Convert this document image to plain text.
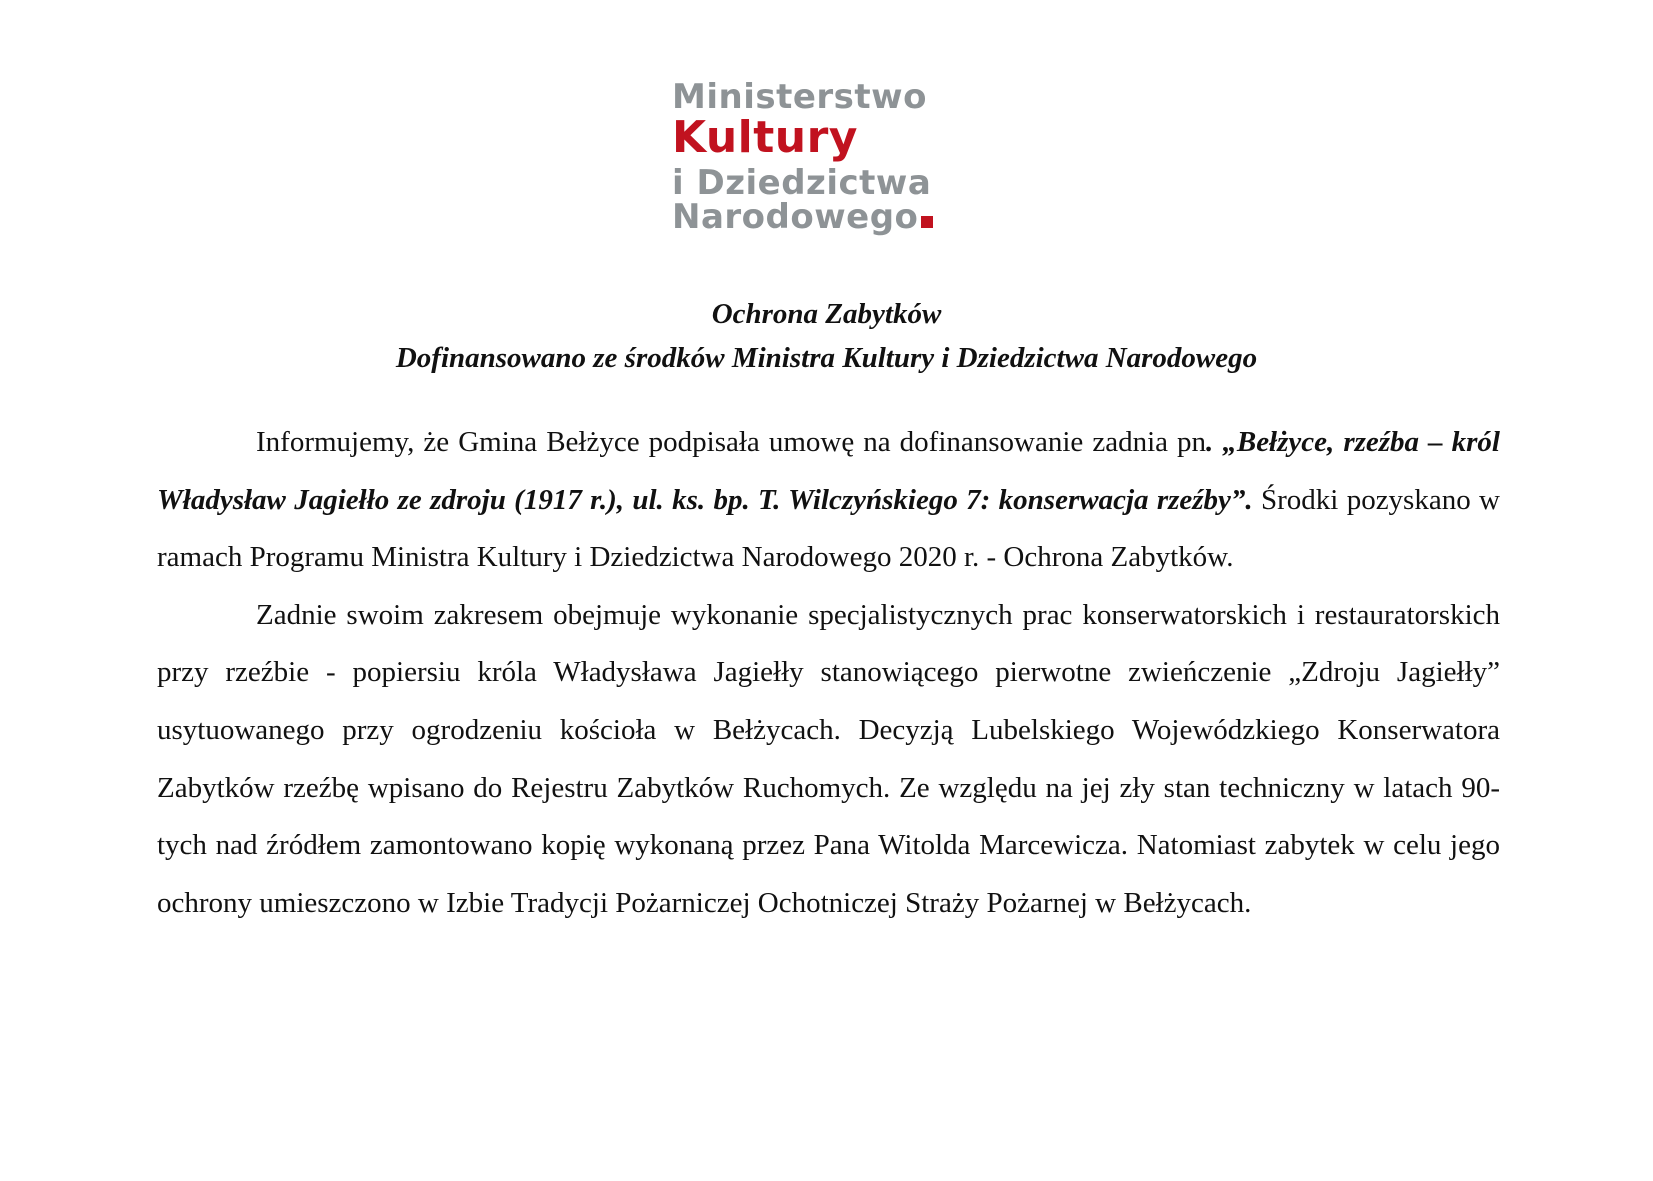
Ministerstwo
Kultury
i Dziedzictwa
Narodowego
Ochrona Zabytków
Dofinansowano ze środków Ministra Kultury i Dziedzictwa Narodowego

Informujemy, że Gmina Bełżyce podpisała umowę na dofinansowanie zadnia pn. „Bełżyce, rzeźba – król Władysław Jagiełło ze zdroju (1917 r.), ul. ks. bp. T. Wilczyńskiego 7: konserwacja rzeźby”. Środki pozyskano w ramach Programu Ministra Kultury i Dziedzictwa Narodowego 2020 r. - Ochrona Zabytków.

Zadnie swoim zakresem obejmuje wykonanie specjalistycznych prac konserwatorskich i restauratorskich przy rzeźbie - popiersiu króla Władysława Jagiełły stanowiącego pierwotne zwieńczenie „Zdroju Jagiełły” usytuowanego przy ogrodzeniu kościoła w Bełżycach. Decyzją Lubelskiego Wojewódzkiego Konserwatora Zabytków rzeźbę wpisano do Rejestru Zabytków Ruchomych. Ze względu na jej zły stan techniczny w latach 90-tych nad źródłem zamontowano kopię wykonaną przez Pana Witolda Marcewicza. Natomiast zabytek w celu jego ochrony umieszczono w Izbie Tradycji Pożarniczej Ochotniczej Straży Pożarnej w Bełżycach.
